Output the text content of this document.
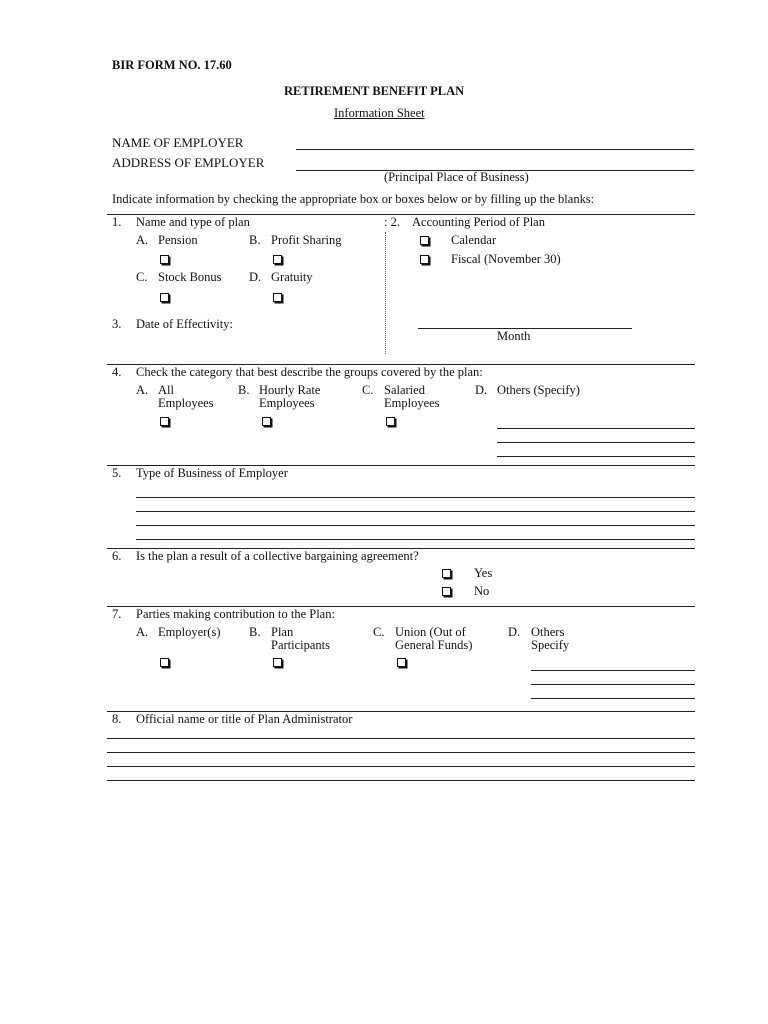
BIR FORM NO. 17.60
RETIREMENT BENEFIT PLAN
Information Sheet
NAME OF EMPLOYER
ADDRESS OF EMPLOYER
(Principal Place of Business)
Indicate information by checking the appropriate box or boxes below or by filling up the blanks:
1. Name and type of plan
A. Pension	B. Profit Sharing
C. Stock Bonus D. Gratuity
: 2. Accounting Period of Plan
Calendar
Fiscal (November 30)
3. Date of Effectivity:
Month
4. Check the category that best describe the groups covered by the plan:
A. All
Employees
B. Hourly Rate
Employees
C. Salaried
Employees
D. Others (Specify)
5. Type of Business of Employer
6. Is the plan a result of a collective bargaining agreement?
Yes
No
7. Parties making contribution to the Plan:
A. Employer(s) B. Plan
Participants
C. Union (Out of
General Funds)
D. Others
Specify
8. Official name or title of Plan Administrator
